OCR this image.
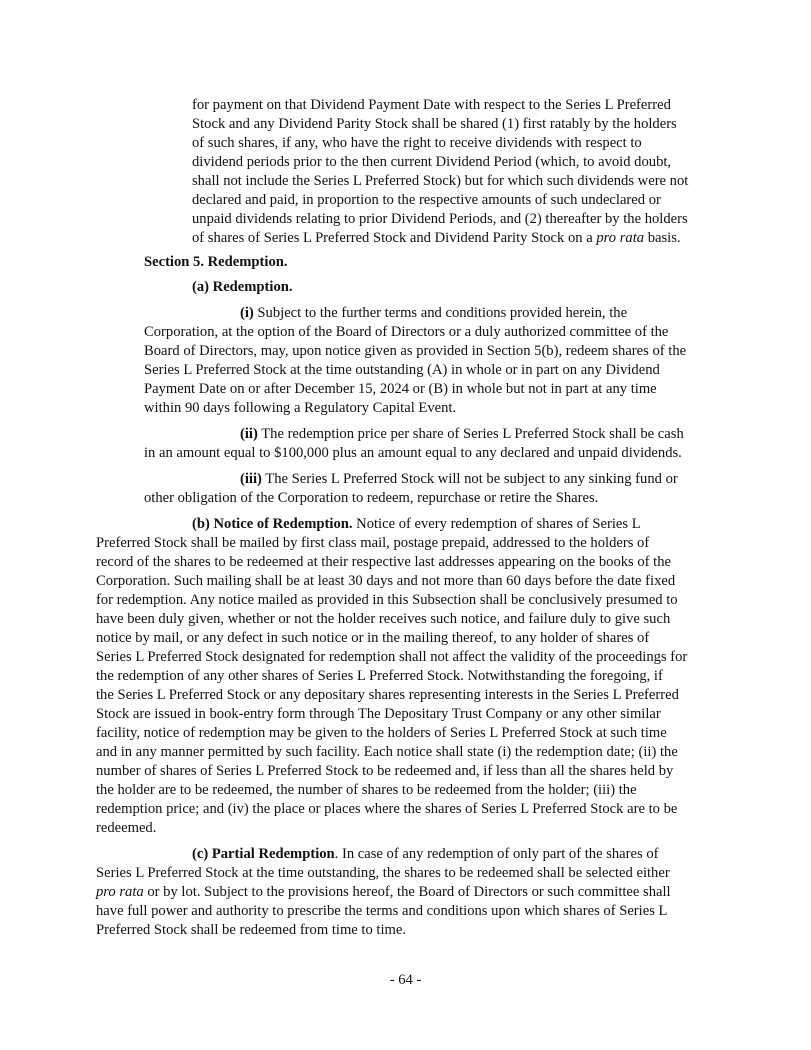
for payment on that Dividend Payment Date with respect to the Series L Preferred
Stock and any Dividend Parity Stock shall be shared (1) first ratably by the holders
of such shares, if any, who have the right to receive dividends with respect to
dividend periods prior to the then current Dividend Period (which, to avoid doubt,
shall not include the Series L Preferred Stock) but for which such dividends were not
declared and paid, in proportion to the respective amounts of such undeclared or
unpaid dividends relating to prior Dividend Periods, and (2) thereafter by the holders
of shares of Series L Preferred Stock and Dividend Parity Stock on a pro rata basis.
Section 5. Redemption.
(a) Redemption.
(i) Subject to the further terms and conditions provided herein, the
Corporation, at the option of the Board of Directors or a duly authorized committee of the
Board of Directors, may, upon notice given as provided in Section 5(b), redeem shares of the
Series L Preferred Stock at the time outstanding (A) in whole or in part on any Dividend
Payment Date on or after December 15, 2024 or (B) in whole but not in part at any time
within 90 days following a Regulatory Capital Event.
(ii) The redemption price per share of Series L Preferred Stock shall be cash
in an amount equal to $100,000 plus an amount equal to any declared and unpaid dividends.
(iii) The Series L Preferred Stock will not be subject to any sinking fund or
other obligation of the Corporation to redeem, repurchase or retire the Shares.
(b) Notice of Redemption. Notice of every redemption of shares of Series L
Preferred Stock shall be mailed by first class mail, postage prepaid, addressed to the holders of
record of the shares to be redeemed at their respective last addresses appearing on the books of the
Corporation. Such mailing shall be at least 30 days and not more than 60 days before the date fixed
for redemption. Any notice mailed as provided in this Subsection shall be conclusively presumed to
have been duly given, whether or not the holder receives such notice, and failure duly to give such
notice by mail, or any defect in such notice or in the mailing thereof, to any holder of shares of
Series L Preferred Stock designated for redemption shall not affect the validity of the proceedings for
the redemption of any other shares of Series L Preferred Stock. Notwithstanding the foregoing, if
the Series L Preferred Stock or any depositary shares representing interests in the Series L Preferred
Stock are issued in book-entry form through The Depositary Trust Company or any other similar
facility, notice of redemption may be given to the holders of Series L Preferred Stock at such time
and in any manner permitted by such facility. Each notice shall state (i) the redemption date; (ii) the
number of shares of Series L Preferred Stock to be redeemed and, if less than all the shares held by
the holder are to be redeemed, the number of shares to be redeemed from the holder; (iii) the
redemption price; and (iv) the place or places where the shares of Series L Preferred Stock are to be
redeemed.
(c) Partial Redemption. In case of any redemption of only part of the shares of
Series L Preferred Stock at the time outstanding, the shares to be redeemed shall be selected either
pro rata or by lot. Subject to the provisions hereof, the Board of Directors or such committee shall
have full power and authority to prescribe the terms and conditions upon which shares of Series L
Preferred Stock shall be redeemed from time to time.
- 64 -
